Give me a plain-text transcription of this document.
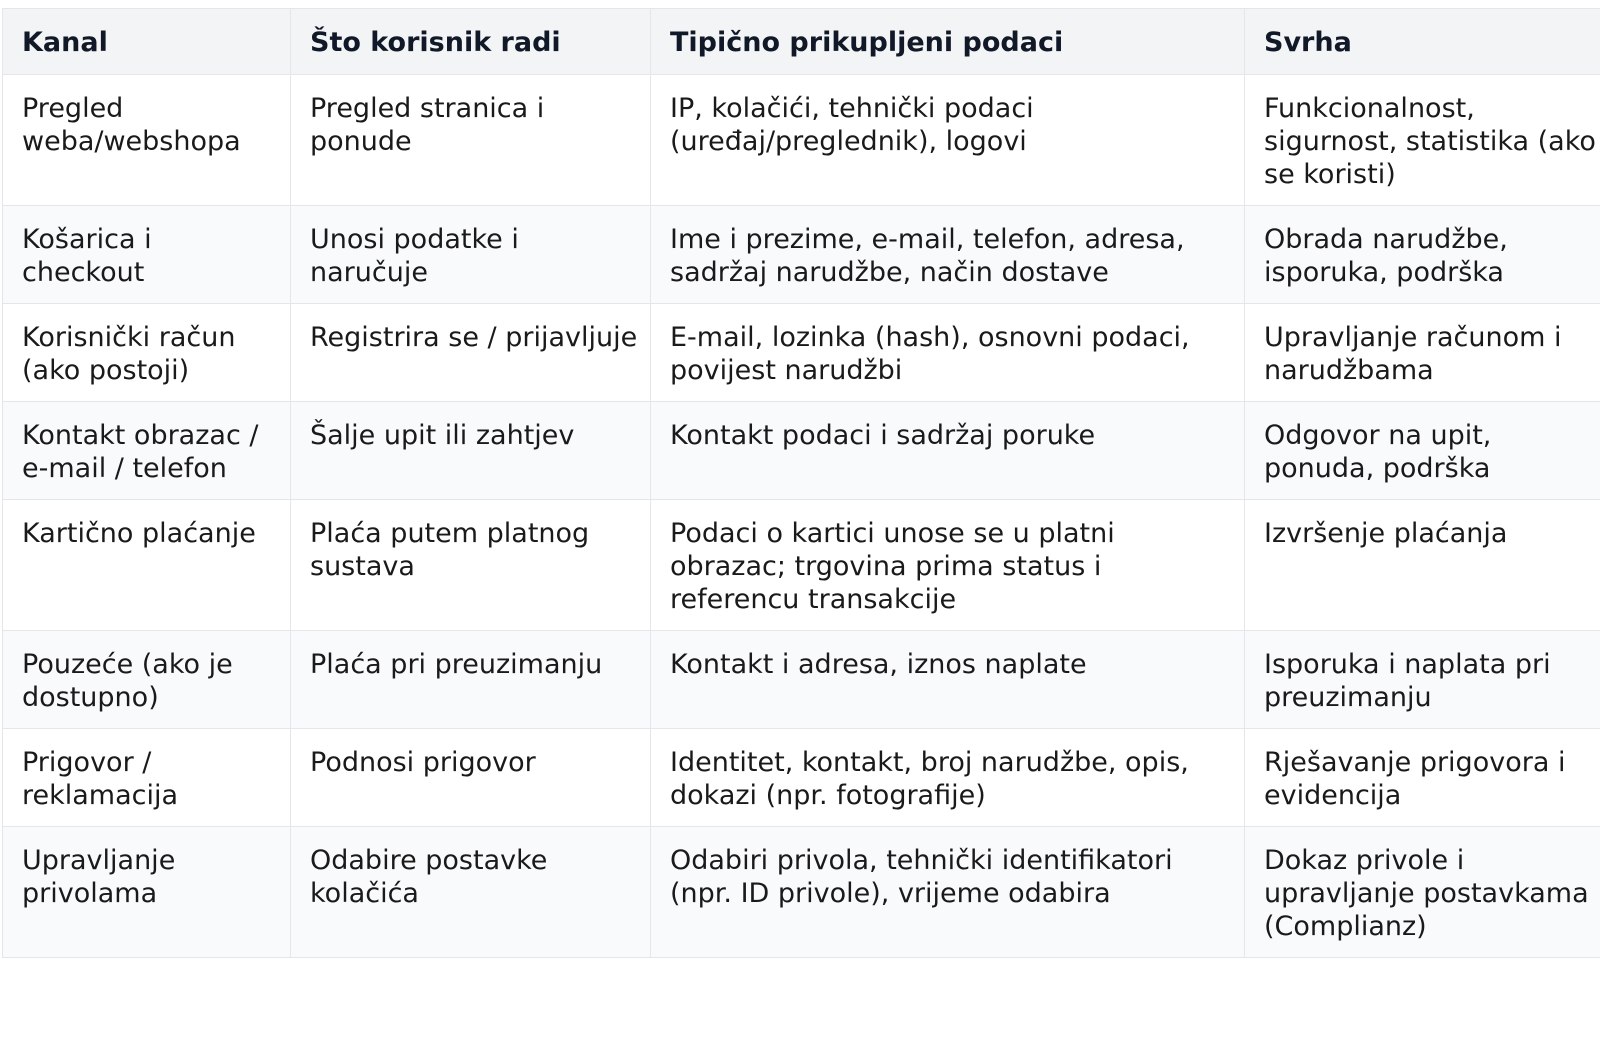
Kanal	Što korisnik radi	Tipično prikupljeni podaci	Svrha
Pregled weba/webshopa	Pregled stranica i ponude	IP, kolačići, tehnički podaci (uređaj/preglednik), logovi	Funkcionalnost, sigurnost, statistika (ako se koristi)
Košarica i checkout	Unosi podatke i naručuje	Ime i prezime, e-mail, telefon, adresa, sadržaj narudžbe, način dostave	Obrada narudžbe, isporuka, podrška
Korisnički račun (ako postoji)	Registrira se / prijavljuje	E-mail, lozinka (hash), osnovni podaci, povijest narudžbi	Upravljanje računom i narudžbama
Kontakt obrazac / e-mail / telefon	Šalje upit ili zahtjev	Kontakt podaci i sadržaj poruke	Odgovor na upit, ponuda, podrška
Kartično plaćanje	Plaća putem platnog sustava	Podaci o kartici unose se u platni obrazac; trgovina prima status i referencu transakcije	Izvršenje plaćanja
Pouzeće (ako je dostupno)	Plaća pri preuzimanju	Kontakt i adresa, iznos naplate	Isporuka i naplata pri preuzimanju
Prigovor / reklamacija	Podnosi prigovor	Identitet, kontakt, broj narudžbe, opis, dokazi (npr. fotografije)	Rješavanje prigovora i evidencija
Upravljanje privolama	Odabire postavke kolačića	Odabiri privola, tehnički identifikatori (npr. ID privole), vrijeme odabira	Dokaz privole i upravljanje postavkama (Complianz)
